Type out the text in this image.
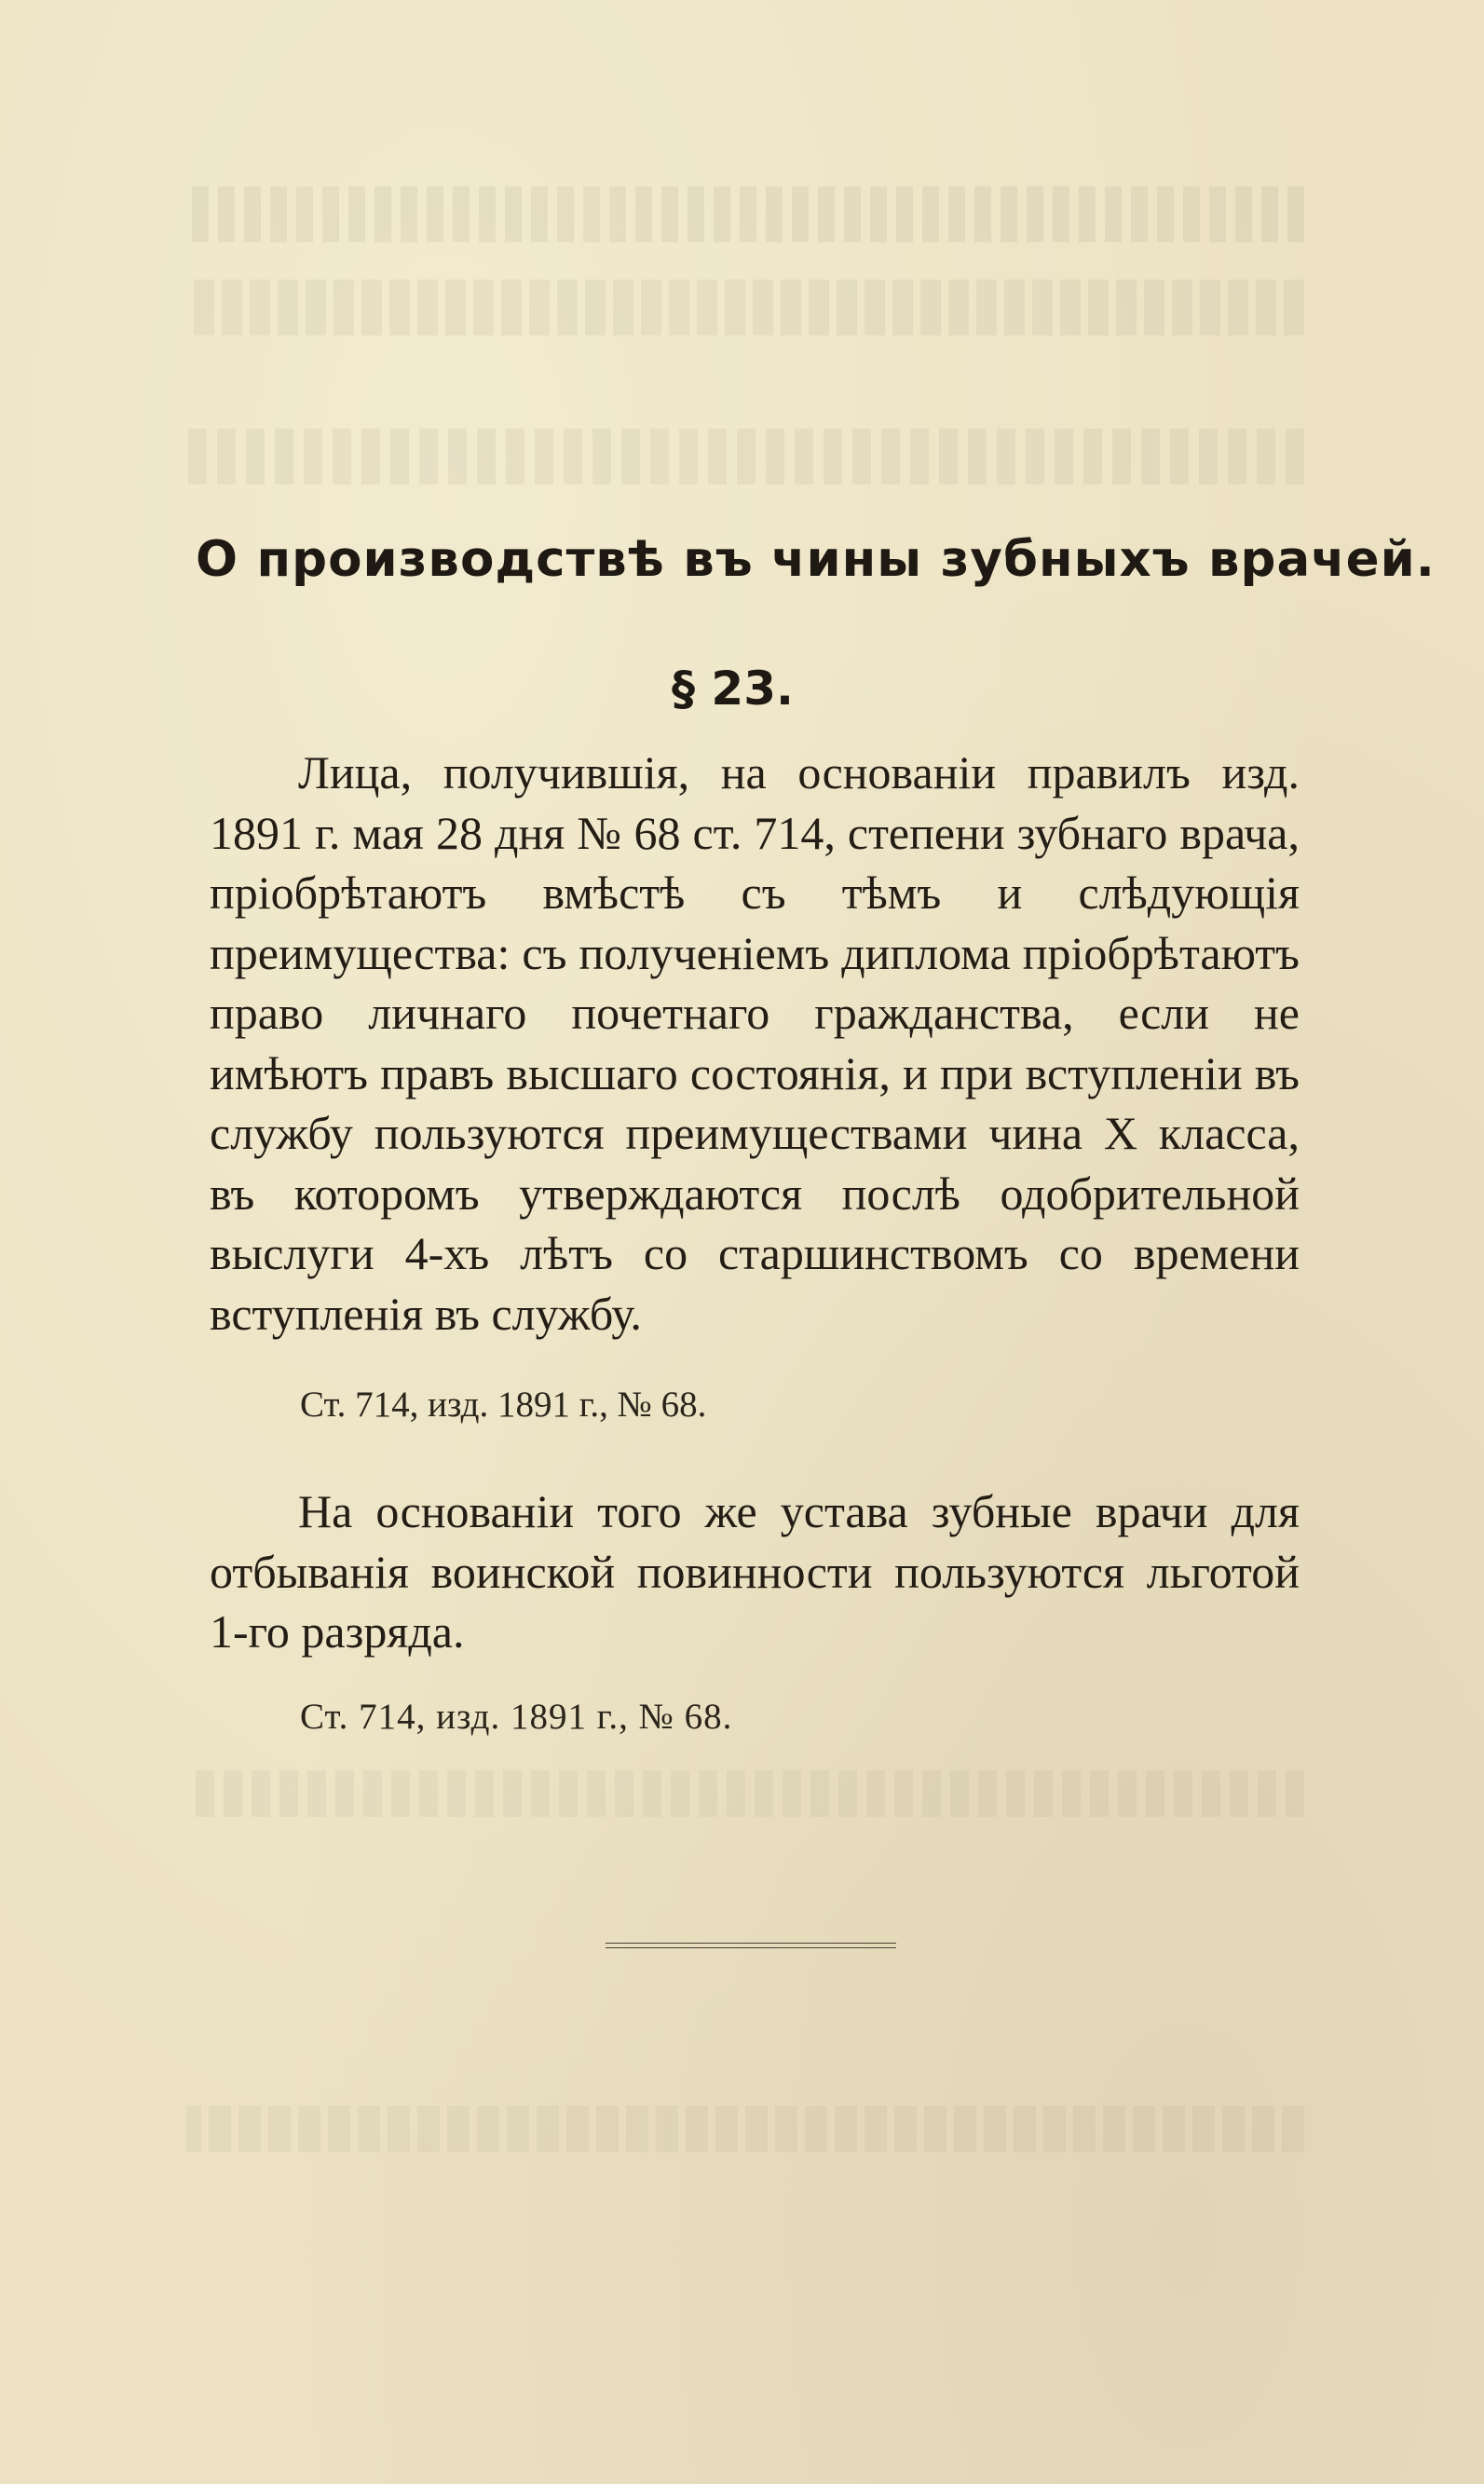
О производствѣ въ чины зубныхъ врачей.
§ 23.

Лица, получившія, на основаніи правилъ изд. 1891 г. мая 28 дня № 68 ст. 714, степени зубнаго врача, пріобрѣтаютъ вмѣстѣ съ тѣмъ и слѣдующія преимущества: съ полученіемъ диплома пріобрѣтаютъ право личнаго почетнаго гражданства, если не имѣютъ правъ высшаго состоянія, и при вступленіи въ службу пользуются преимуществами чина X класса, въ которомъ утверждаются послѣ одобрительной выслуги 4-хъ лѣтъ со старшинствомъ со времени вступленія въ службу.

Ст. 714, изд. 1891 г., № 68.

На основаніи того же устава зубные врачи для отбыванія воинской повинности пользуются льготой 1-го разряда.

Ст. 714, изд. 1891 г., № 68.
